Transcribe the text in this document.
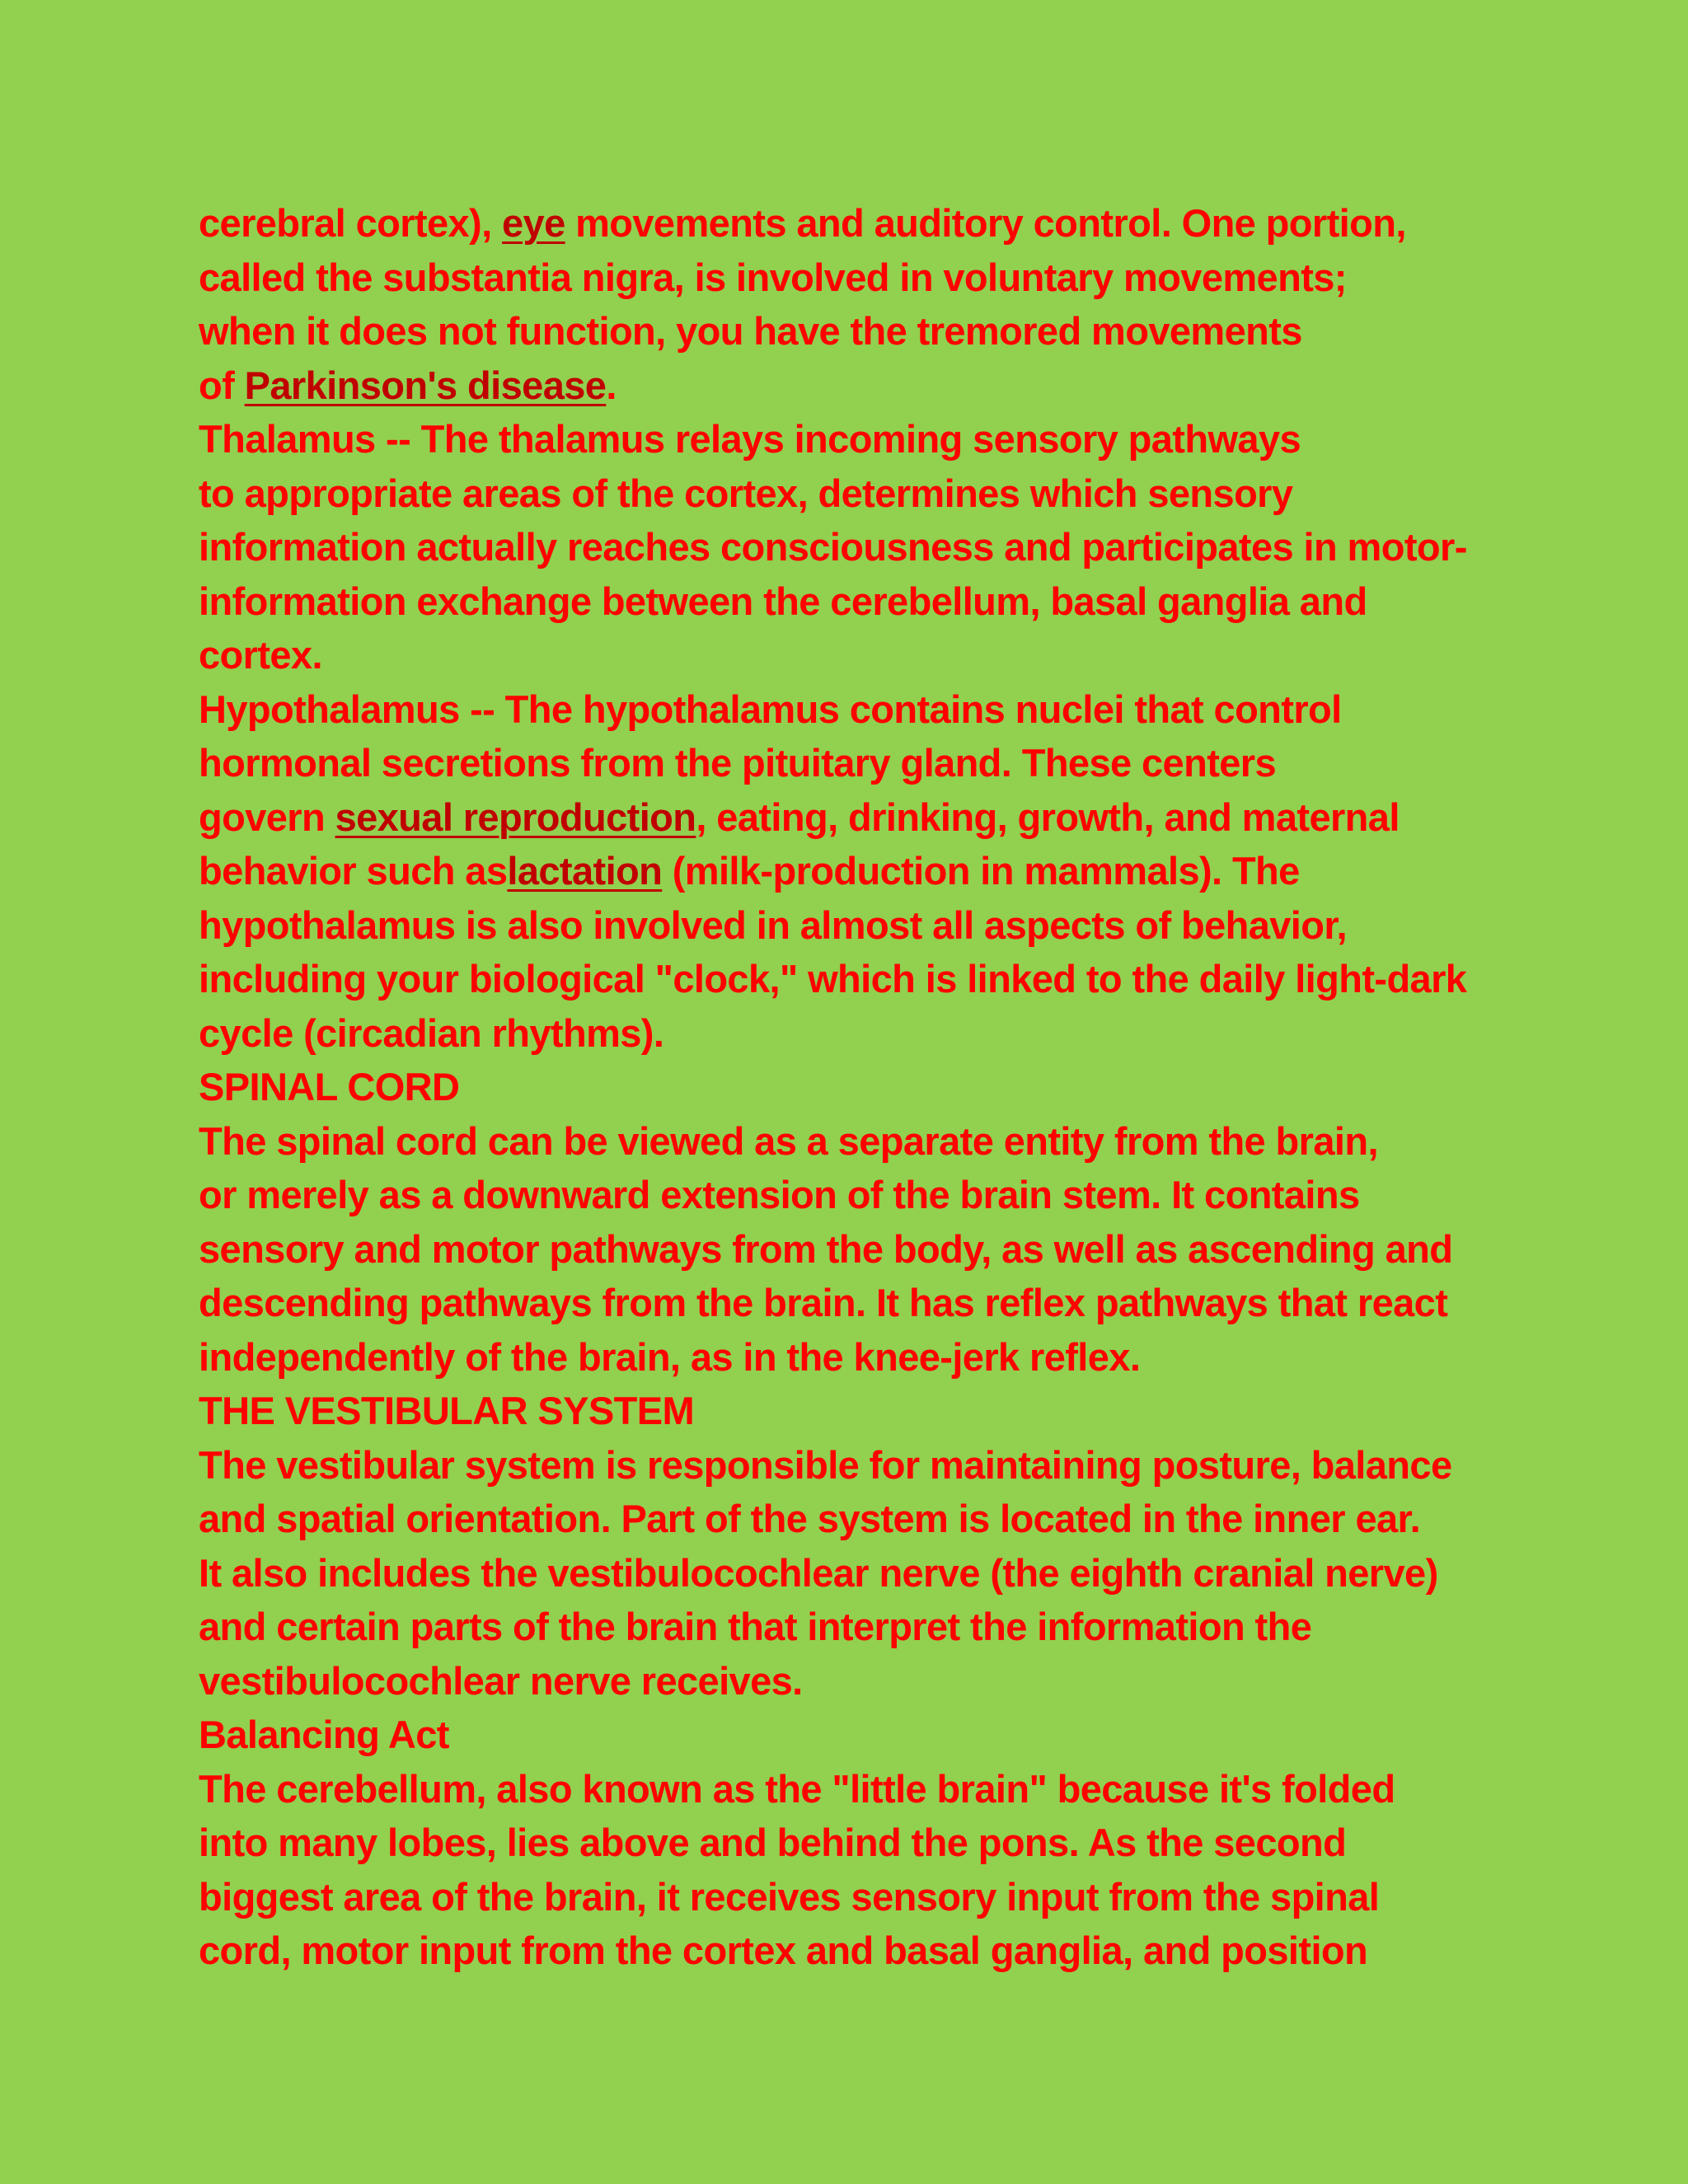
cerebral cortex), eye movements and auditory control. One portion,
called the substantia nigra, is involved in voluntary movements;
when it does not function, you have the tremored movements
of Parkinson's disease.
Thalamus -- The thalamus relays incoming sensory pathways
to appropriate areas of the cortex, determines which sensory
information actually reaches consciousness and participates in motor-
information exchange between the cerebellum, basal ganglia and
cortex.
Hypothalamus -- The hypothalamus contains nuclei that control
hormonal secretions from the pituitary gland. These centers
govern sexual reproduction, eating, drinking, growth, and maternal
behavior such aslactation (milk-production in mammals). The
hypothalamus is also involved in almost all aspects of behavior,
including your biological "clock," which is linked to the daily light-dark
cycle (circadian rhythms).
SPINAL CORD
The spinal cord can be viewed as a separate entity from the brain,
or merely as a downward extension of the brain stem. It contains
sensory and motor pathways from the body, as well as ascending and
descending pathways from the brain. It has reflex pathways that react
independently of the brain, as in the knee-jerk reflex.
THE VESTIBULAR SYSTEM
The vestibular system is responsible for maintaining posture, balance
and spatial orientation. Part of the system is located in the inner ear.
It also includes the vestibulocochlear nerve (the eighth cranial nerve)
and certain parts of the brain that interpret the information the
vestibulocochlear nerve receives.
Balancing Act
The cerebellum, also known as the "little brain" because it's folded
into many lobes, lies above and behind the pons. As the second
biggest area of the brain, it receives sensory input from the spinal
cord, motor input from the cortex and basal ganglia, and position
